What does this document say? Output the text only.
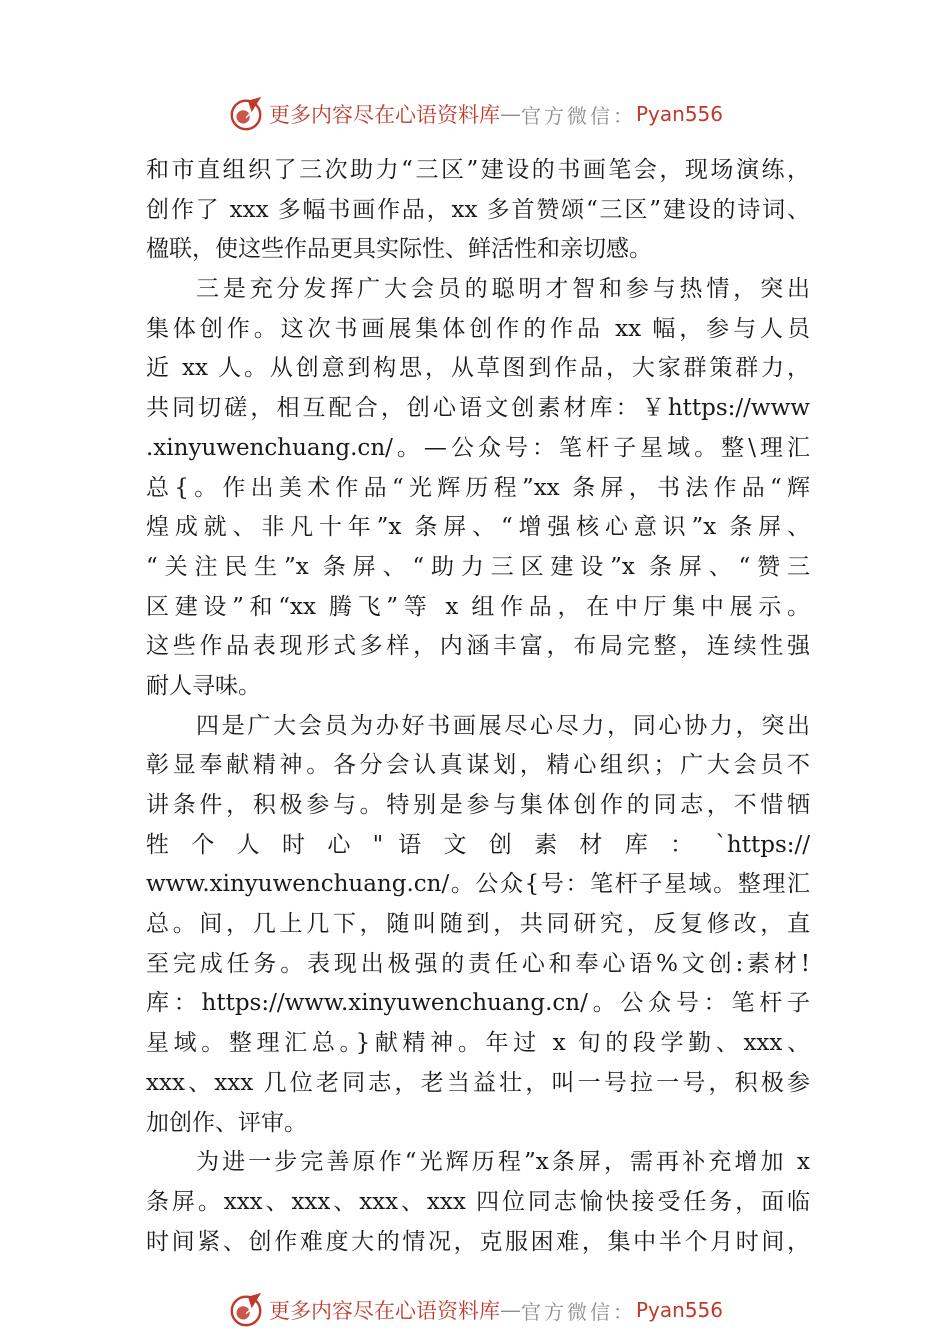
更多内容尽在心语资料库 — 官方微信： Pyan556
和市直组织了三次助力“三区”建设的书画笔会，现场演练，
创作了 xxx 多幅书画作品，xx 多首赞颂“三区”建设的诗词、
楹联，使这些作品更具实际性、鲜活性和亲切感。
三是充分发挥广大会员的聪明才智和参与热情，突出
集体创作。这次书画展集体创作的作品 xx 幅，参与人员
近 xx 人。从创意到构思，从草图到作品，大家群策群力，
共同切磋，相互配合，创心语文创素材库：￥https://www
.xinyuwenchuang.cn/。—公众号：笔杆子星域。整\理汇
总{。作出美术作品“光辉历程”xx 条屏，书法作品“辉
煌成就、非凡十年”x 条屏、“增强核心意识”x 条屏、
“关注民生”x 条屏、“助力三区建设”x 条屏、“赞三
区建设”和“xx 腾飞”等 x 组作品，在中厅集中展示。
这些作品表现形式多样，内涵丰富，布局完整，连续性强
耐人寻味。
四是广大会员为办好书画展尽心尽力，同心协力，突出
彰显奉献精神。各分会认真谋划，精心组织；广大会员不
讲条件，积极参与。特别是参与集体创作的同志，不惜牺
牲 个 人 时 心 " 语 文 创 素 材 库 ： `https://
www.xinyuwenchuang.cn/。公众{号：笔杆子星域。整理汇
总。间，几上几下，随叫随到，共同研究，反复修改，直
至完成任务。表现出极强的责任心和奉心语%文创:素材!
库：https://www.xinyuwenchuang.cn/。公众号：笔杆子
星域。整理汇总。}献精神。年过 x 旬的段学勤、xxx、
xxx、xxx 几位老同志，老当益壮，叫一号拉一号，积极参
加创作、评审。
为进一步完善原作“光辉历程”x条屏，需再补充增加 x
条屏。xxx、xxx、xxx、xxx 四位同志愉快接受任务，面临
时间紧、创作难度大的情况，克服困难，集中半个月时间，
更多内容尽在心语资料库 — 官方微信： Pyan556
